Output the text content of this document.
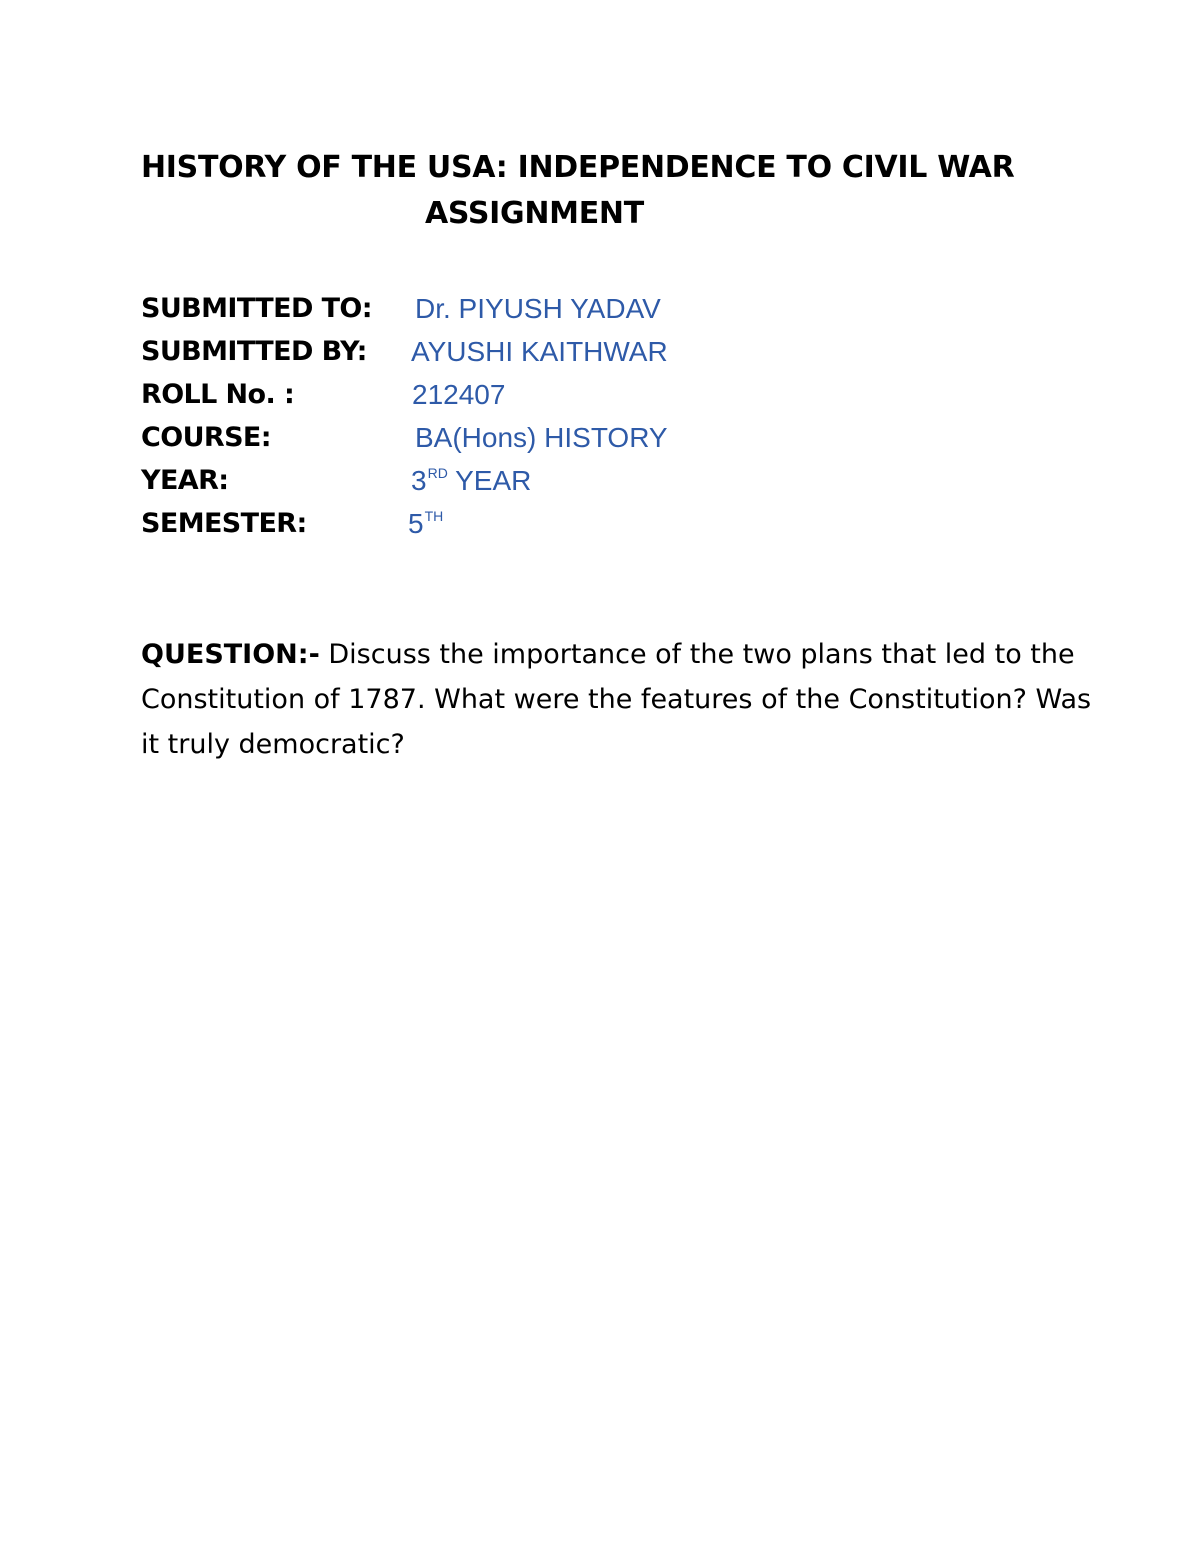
HISTORY OF THE USA: INDEPENDENCE TO CIVIL WAR
ASSIGNMENT
SUBMITTED TO: Dr. PIYUSH YADAV
SUBMITTED BY: AYUSHI KAITHWAR
ROLL No. :	212407
COURSE:	BA(Hons) HISTORY
YEAR:	3RD YEAR
SEMESTER:	5TH
QUESTION:- Discuss the importance of the two plans that led to the Constitution of 1787. What were the features of the Constitution? Was it truly democratic?
